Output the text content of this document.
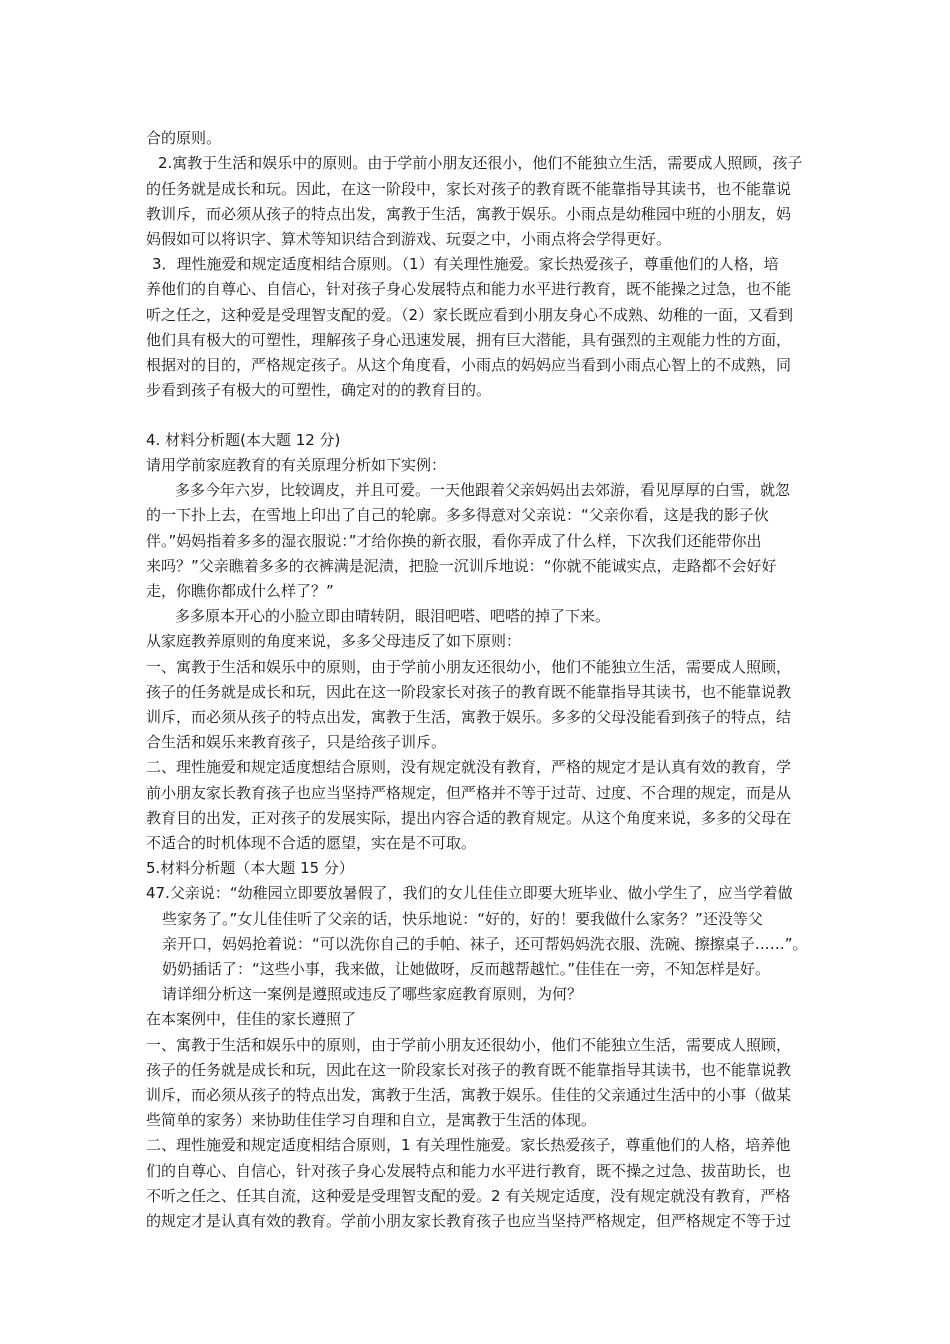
合的原则。
2.寓教于生活和娱乐中的原则。由于学前小朋友还很小，他们不能独立生活，需要成人照顾，孩子
的任务就是成长和玩。因此，在这一阶段中，家长对孩子的教育既不能靠指导其读书，也不能靠说
教训斥，而必须从孩子的特点出发，寓教于生活，寓教于娱乐。小雨点是幼稚园中班的小朋友，妈
妈假如可以将识字、算术等知识结合到游戏、玩耍之中，小雨点将会学得更好。
3．理性施爱和规定适度相结合原则。（1）有关理性施爱。家长热爱孩子，尊重他们的人格，培
养他们的自尊心、自信心，针对孩子身心发展特点和能力水平进行教育，既不能操之过急，也不能
听之任之，这种爱是受理智支配的爱。（2）家长既应看到小朋友身心不成熟、幼稚的一面，又看到
他们具有极大的可塑性，理解孩子身心迅速发展，拥有巨大潜能，具有强烈的主观能力性的方面，
根据对的目的，严格规定孩子。从这个角度看，小雨点的妈妈应当看到小雨点心智上的不成熟，同
步看到孩子有极大的可塑性，确定对的的教育目的。
4. 材料分析题(本大题 12 分)
请用学前家庭教育的有关原理分析如下实例：
多多今年六岁，比较调皮，并且可爱。一天他跟着父亲妈妈出去郊游，看见厚厚的白雪，就忽
的一下扑上去，在雪地上印出了自己的轮廓。多多得意对父亲说：“父亲你看，这是我的影子伙
伴。”妈妈指着多多的湿衣服说：”才给你换的新衣服，看你弄成了什么样，下次我们还能带你出
来吗？”父亲瞧着多多的衣裤满是泥渍，把脸一沉训斥地说：“你就不能诚实点，走路都不会好好
走，你瞧你都成什么样了？”
多多原本开心的小脸立即由晴转阴，眼泪吧嗒、吧嗒的掉了下来。
从家庭教养原则的角度来说，多多父母违反了如下原则：
一、寓教于生活和娱乐中的原则，由于学前小朋友还很幼小，他们不能独立生活，需要成人照顾，
孩子的任务就是成长和玩，因此在这一阶段家长对孩子的教育既不能靠指导其读书，也不能靠说教
训斥，而必须从孩子的特点出发，寓教于生活，寓教于娱乐。多多的父母没能看到孩子的特点，结
合生活和娱乐来教育孩子，只是给孩子训斥。
二、理性施爱和规定适度想结合原则，没有规定就没有教育，严格的规定才是认真有效的教育，学
前小朋友家长教育孩子也应当坚持严格规定，但严格并不等于过苛、过度、不合理的规定，而是从
教育目的出发，正对孩子的发展实际，提出内容合适的教育规定。从这个角度来说，多多的父母在
不适合的时机体现不合适的愿望，实在是不可取。
5.材料分析题（本大题 15 分）
47.父亲说：“幼稚园立即要放暑假了，我们的女儿佳佳立即要大班毕业、做小学生了，应当学着做
些家务了。”女儿佳佳听了父亲的话，快乐地说：“好的，好的！要我做什么家务？”还没等父
亲开口，妈妈抢着说：“可以洗你自己的手帕、袜子，还可帮妈妈洗衣服、洗碗、擦擦桌子……”。
奶奶插话了：“这些小事，我来做，让她做呀，反而越帮越忙。”佳佳在一旁，不知怎样是好。
请详细分析这一案例是遵照或违反了哪些家庭教育原则，为何？
在本案例中，佳佳的家长遵照了
一、寓教于生活和娱乐中的原则，由于学前小朋友还很幼小，他们不能独立生活，需要成人照顾，
孩子的任务就是成长和玩，因此在这一阶段家长对孩子的教育既不能靠指导其读书，也不能靠说教
训斥，而必须从孩子的特点出发，寓教于生活，寓教于娱乐。佳佳的父亲通过生活中的小事（做某
些简单的家务）来协助佳佳学习自理和自立，是寓教于生活的体现。
二、理性施爱和规定适度相结合原则，1 有关理性施爱。家长热爱孩子，尊重他们的人格，培养他
们的自尊心、自信心，针对孩子身心发展特点和能力水平进行教育，既不操之过急、拔苗助长，也
不听之任之、任其自流，这种爱是受理智支配的爱。2 有关规定适度，没有规定就没有教育，严格
的规定才是认真有效的教育。学前小朋友家长教育孩子也应当坚持严格规定，但严格规定不等于过
